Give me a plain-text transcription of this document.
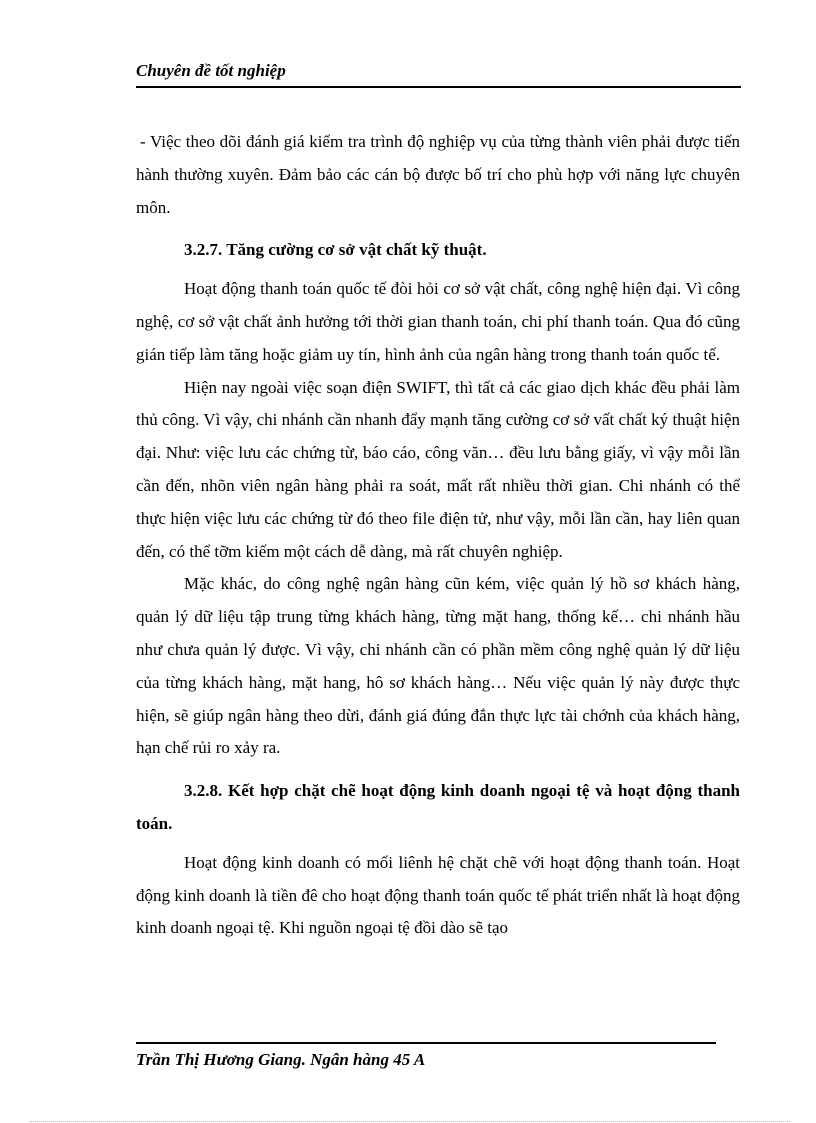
Chuyên đề tốt nghiệp

- Việc theo dõi đánh giá kiểm tra trình độ nghiệp vụ của từng thành viên phải được tiến hành thường xuyên. Đảm bảo các cán bộ được bố trí cho phù hợp với năng lực chuyên môn.

3.2.7. Tăng cường cơ sở vật chất kỹ thuật.

Hoạt động thanh toán quốc tế đòi hỏi cơ sở vật chất, công nghệ hiện đại. Vì công nghệ, cơ sở vật chất ảnh hưởng tới thời gian thanh toán, chi phí thanh toán. Qua đó cũng gián tiếp làm tăng hoặc giảm uy tín, hình ảnh của ngân hàng trong thanh toán quốc tế.

Hiện nay ngoài việc soạn điện SWIFT, thì tất cả các giao dịch khác đều phải làm thủ công. Vì vậy, chi nhánh cần nhanh đẩy mạnh tăng cường cơ sở vất chất ký thuật hiện đại. Như: việc lưu các chứng từ, báo cáo, công văn… đều lưu bằng giấy, vì vậy mỗi lần cần đến, nhõn viên ngân hàng phải ra soát, mất rất nhiều thời gian. Chi nhánh có thể thực hiện việc lưu các chứng từ đó theo file điện tử, như vậy, mỗi lần cần, hay liên quan đến, có thể tỡm kiếm một cách dễ dàng, mà rất chuyên nghiệp.

Mặc khác, do công nghệ ngân hàng cũn kém, việc quản lý hồ sơ khách hàng, quản lý dữ liệu tập trung từng khách hàng, từng mặt hang, thống kế… chi nhánh hầu như chưa quản lý được. Vì vậy, chi nhánh cần có phần mềm công nghệ quản lý dữ liệu của từng khách hàng, mặt hang, hô sơ khách hàng… Nếu việc quản lý này được thực hiện, sẽ giúp ngân hàng theo dừi, đánh giá đúng đắn thực lực tài chớnh của khách hàng, hạn chế rủi ro xảy ra.

3.2.8. Kết hợp chặt chẽ hoạt động kinh doanh ngoại tệ và hoạt động thanh toán.

Hoạt động kinh doanh có mối liênh hệ chặt chẽ với hoạt động thanh toán. Hoạt động kinh doanh là tiền đê cho hoạt động thanh toán quốc tế phát triển nhất là hoạt động kinh doanh ngoại tệ. Khi nguồn ngoại tệ đồi dào sẽ tạo

Trần Thị Hương Giang. Ngân hàng 45 A
